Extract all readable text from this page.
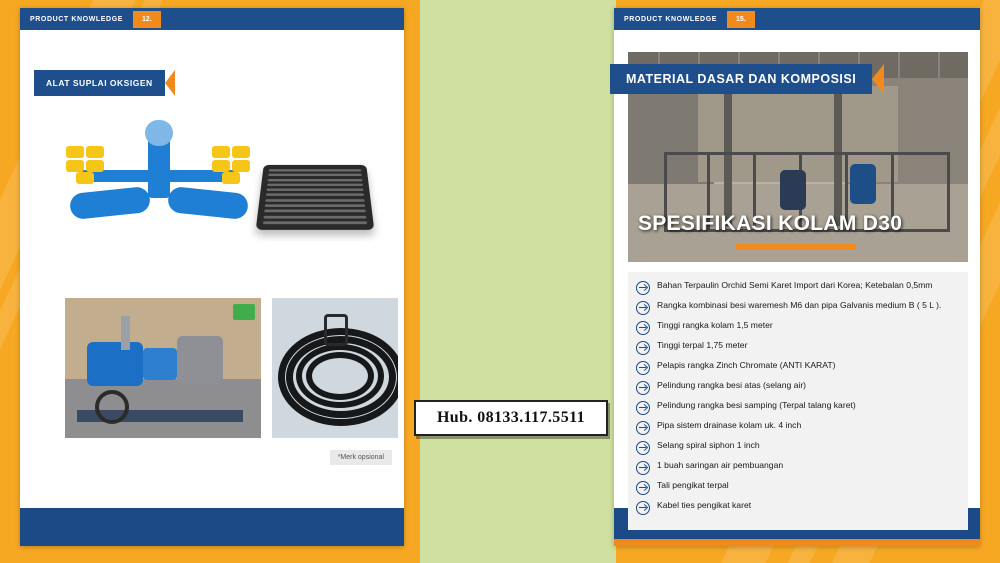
PRODUCT KNOWLEDGE	12.
ALAT SUPLAI OKSIGEN
*Merk opsional
PRODUCT KNOWLEDGE	15.
MATERIAL DASAR DAN KOMPOSISI
SPESIFIKASI KOLAM D30
Bahan Terpaulin Orchid Semi Karet Import dari Korea; Ketebalan 0,5mm
Rangka kombinasi besi waremesh M6 dan pipa Galvanis medium B ( 5 L ).
Tinggi rangka kolam 1,5 meter
Tinggi terpal 1,75 meter
Pelapis rangka Zinch Chromate (ANTI KARAT)
Pelindung rangka besi atas (selang air)
Pelindung rangka besi samping (Terpal talang karet)
Pipa sistem drainase kolam uk. 4 inch
Selang spiral siphon 1 inch
1 buah saringan air pembuangan
Tali pengikat terpal
Kabel ties pengikat karet
Hub. 08133.117.5511
